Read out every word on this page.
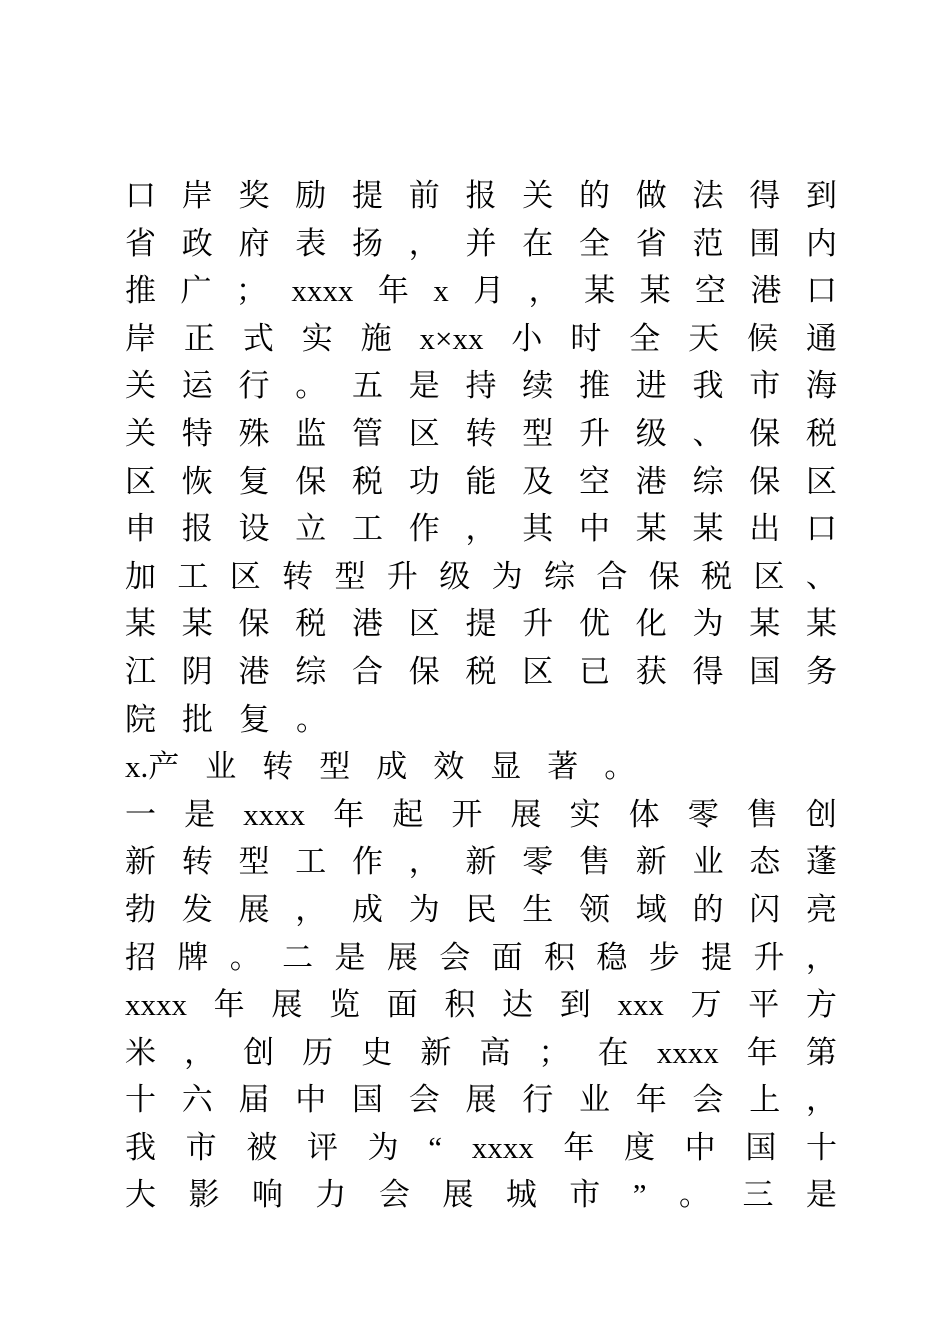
口 岸 奖 励 提 前 报 关 的 做 法 得 到
省 政 府 表 扬 ， 并 在 全 省 范 围 内
推 广 ； xxxx 年 x 月 ， 某 某 空 港 口
岸 正 式 实 施 x×xx 小 时 全 天 候 通
关 运 行 。 五 是 持 续 推 进 我 市 海
关 特 殊 监 管 区 转 型 升 级 、 保 税
区 恢 复 保 税 功 能 及 空 港 综 保 区
申 报 设 立 工 作 ， 其 中 某 某 出 口
加 工 区 转 型 升 级 为 综 合 保 税 区 、
某 某 保 税 港 区 提 升 优 化 为 某 某
江 阴 港 综 合 保 税 区 已 获 得 国 务
院 批 复 。
x.产 业 转 型 成 效 显 著 。
一 是 xxxx 年 起 开 展 实 体 零 售 创
新 转 型 工 作 ， 新 零 售 新 业 态 蓬
勃 发 展 ， 成 为 民 生 领 域 的 闪 亮
招 牌 。 二 是 展 会 面 积 稳 步 提 升 ，
xxxx 年 展 览 面 积 达 到 xxx 万 平 方
米 ， 创 历 史 新 高 ； 在 xxxx 年 第
十 六 届 中 国 会 展 行 业 年 会 上 ，
我 市 被 评 为 “ xxxx 年 度 中 国 十
大 影 响 力 会 展 城 市 ” 。 三 是
